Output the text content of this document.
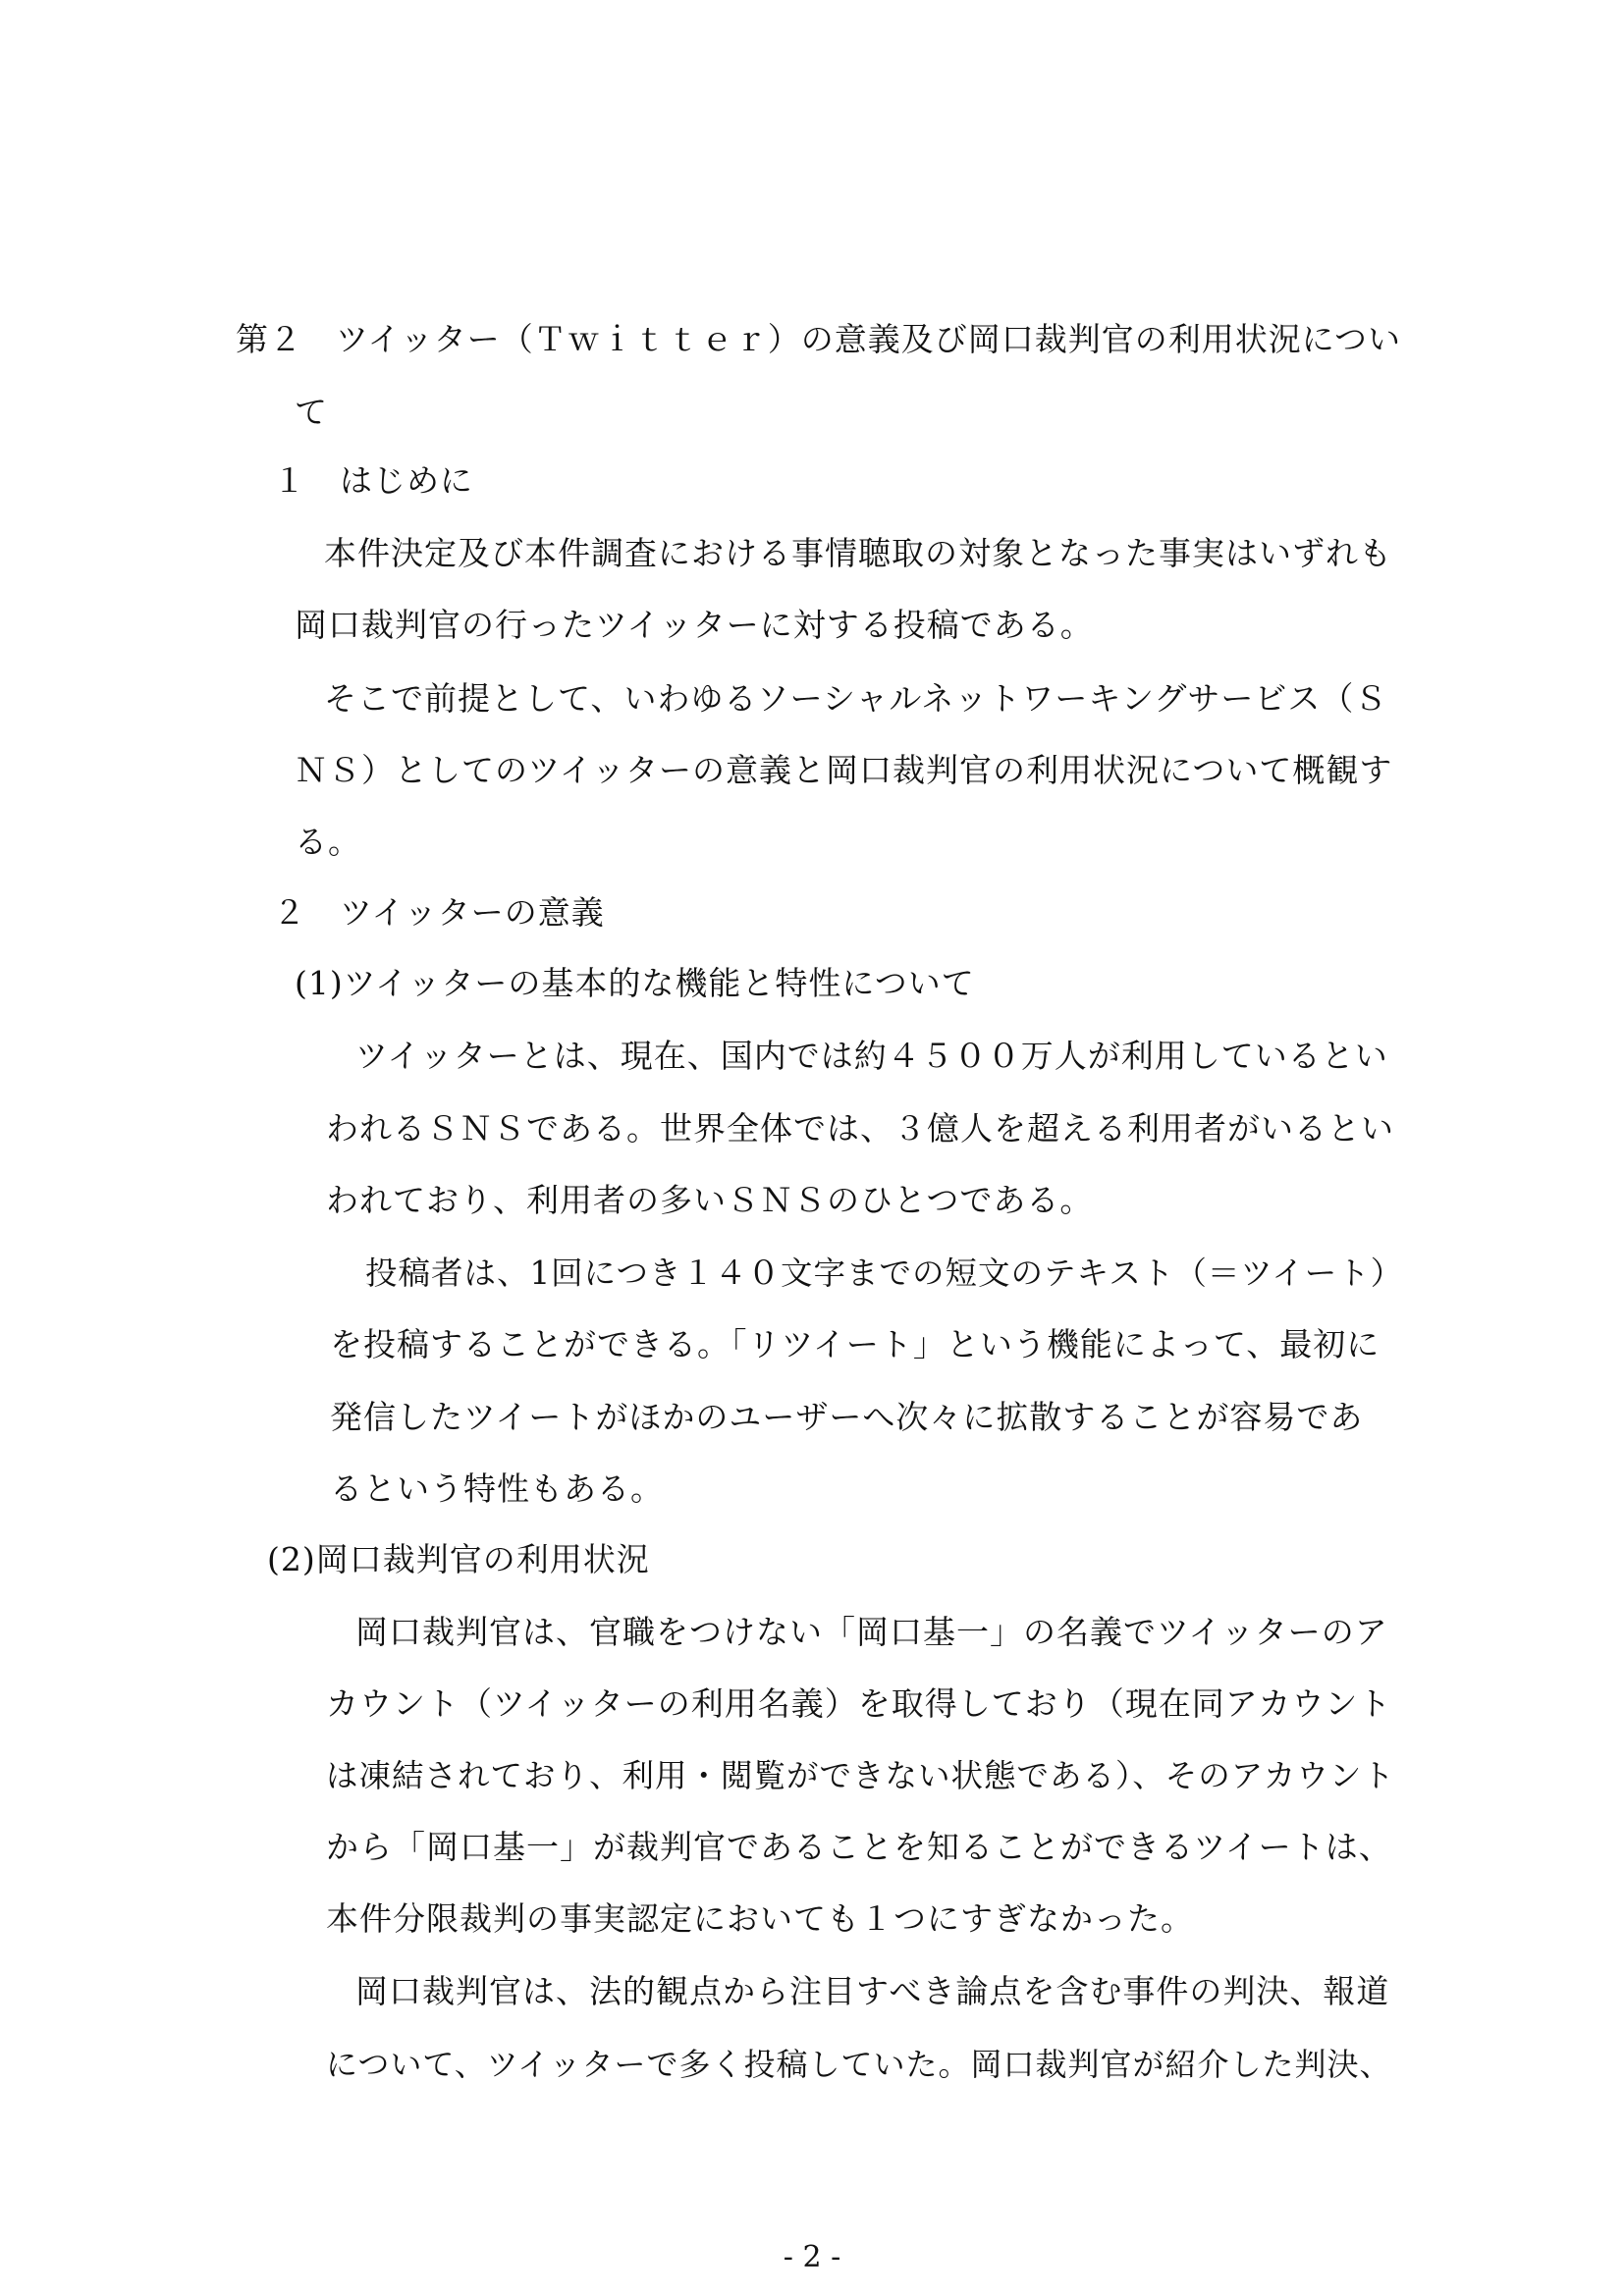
第２　ツイッター（Ｔｗｉｔｔｅｒ）の意義及び岡口裁判官の利用状況につい
て
１　はじめに
本件決定及び本件調査における事情聴取の対象となった事実はいずれも
岡口裁判官の行ったツイッターに対する投稿である。
そこで前提として、いわゆるソーシャルネットワーキングサービス（Ｓ
ＮＳ）としてのツイッターの意義と岡口裁判官の利用状況について概観す
る。
２　ツイッターの意義
(1)ツイッターの基本的な機能と特性について
ツイッターとは、現在、国内では約４５００万人が利用しているとい
われるＳＮＳである。世界全体では、３億人を超える利用者がいるとい
われており、利用者の多いＳＮＳのひとつである。
投稿者は、1回につき１４０文字までの短文のテキスト（＝ツイート）
を投稿することができる。「リツイート」という機能によって、最初に
発信したツイートがほかのユーザーへ次々に拡散することが容易であ
るという特性もある。
(2)岡口裁判官の利用状況
岡口裁判官は、官職をつけない「岡口基一」の名義でツイッターのア
カウント（ツイッターの利用名義）を取得しており（現在同アカウント
は凍結されており、利用・閲覧ができない状態である）、そのアカウント
から「岡口基一」が裁判官であることを知ることができるツイートは、
本件分限裁判の事実認定においても１つにすぎなかった。
岡口裁判官は、法的観点から注目すべき論点を含む事件の判決、報道
について、ツイッターで多く投稿していた。岡口裁判官が紹介した判決、
- 2 -
